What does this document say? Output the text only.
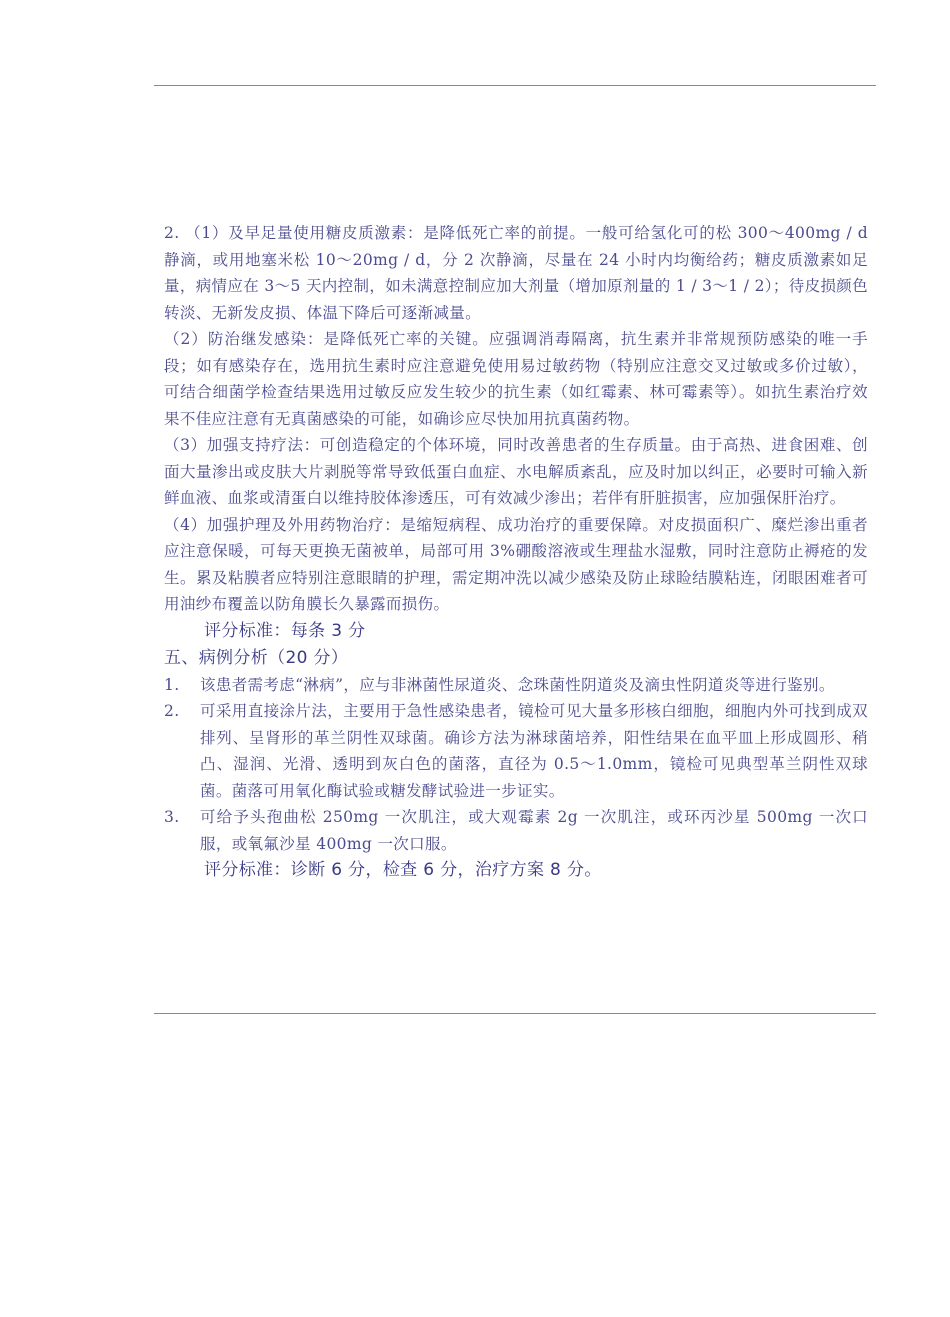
2. （1）及早足量使用糖皮质激素：是降低死亡率的前提。一般可给氢化可的松 300～400mg / d 静滴，或用地塞米松 10～20mg / d，分 2 次静滴，尽量在 24 小时内均衡给药；糖皮质激素如足量，病情应在 3～5 天内控制，如未满意控制应加大剂量（增加原剂量的 1 / 3～1 / 2）；待皮损颜色转淡、无新发皮损、体温下降后可逐渐减量。

（2）防治继发感染：是降低死亡率的关键。应强调消毒隔离，抗生素并非常规预防感染的唯一手段；如有感染存在，选用抗生素时应注意避免使用易过敏药物（特别应注意交叉过敏或多价过敏），可结合细菌学检查结果选用过敏反应发生较少的抗生素（如红霉素、林可霉素等）。如抗生素治疗效果不佳应注意有无真菌感染的可能，如确诊应尽快加用抗真菌药物。

（3）加强支持疗法：可创造稳定的个体环境，同时改善患者的生存质量。由于高热、进食困难、创面大量渗出或皮肤大片剥脱等常导致低蛋白血症、水电解质紊乱，应及时加以纠正，必要时可输入新鲜血液、血浆或清蛋白以维持胶体渗透压，可有效减少渗出；若伴有肝脏损害，应加强保肝治疗。

（4）加强护理及外用药物治疗：是缩短病程、成功治疗的重要保障。对皮损面积广、糜烂渗出重者应注意保暖，可每天更换无菌被单，局部可用 3%硼酸溶液或生理盐水湿敷，同时注意防止褥疮的发生。累及粘膜者应特别注意眼睛的护理，需定期冲洗以减少感染及防止球睑结膜粘连，闭眼困难者可用油纱布覆盖以防角膜长久暴露而损伤。

评分标准：每条 3 分

五、病例分析（20 分）

1. 该患者需考虑“淋病”，应与非淋菌性尿道炎、念珠菌性阴道炎及滴虫性阴道炎等进行鉴别。
2. 可采用直接涂片法，主要用于急性感染患者，镜检可见大量多形核白细胞，细胞内外可找到成双排列、呈肾形的革兰阴性双球菌。确诊方法为淋球菌培养，阳性结果在血平皿上形成圆形、稍凸、湿润、光滑、透明到灰白色的菌落，直径为 0.5～1.0mm，镜检可见典型革兰阴性双球菌。菌落可用氧化酶试验或糖发酵试验进一步证实。
3. 可给予头孢曲松 250mg 一次肌注，或大观霉素 2g 一次肌注，或环丙沙星 500mg 一次口服，或氧氟沙星 400mg 一次口服。

评分标准：诊断 6 分，检查 6 分，治疗方案 8 分。
